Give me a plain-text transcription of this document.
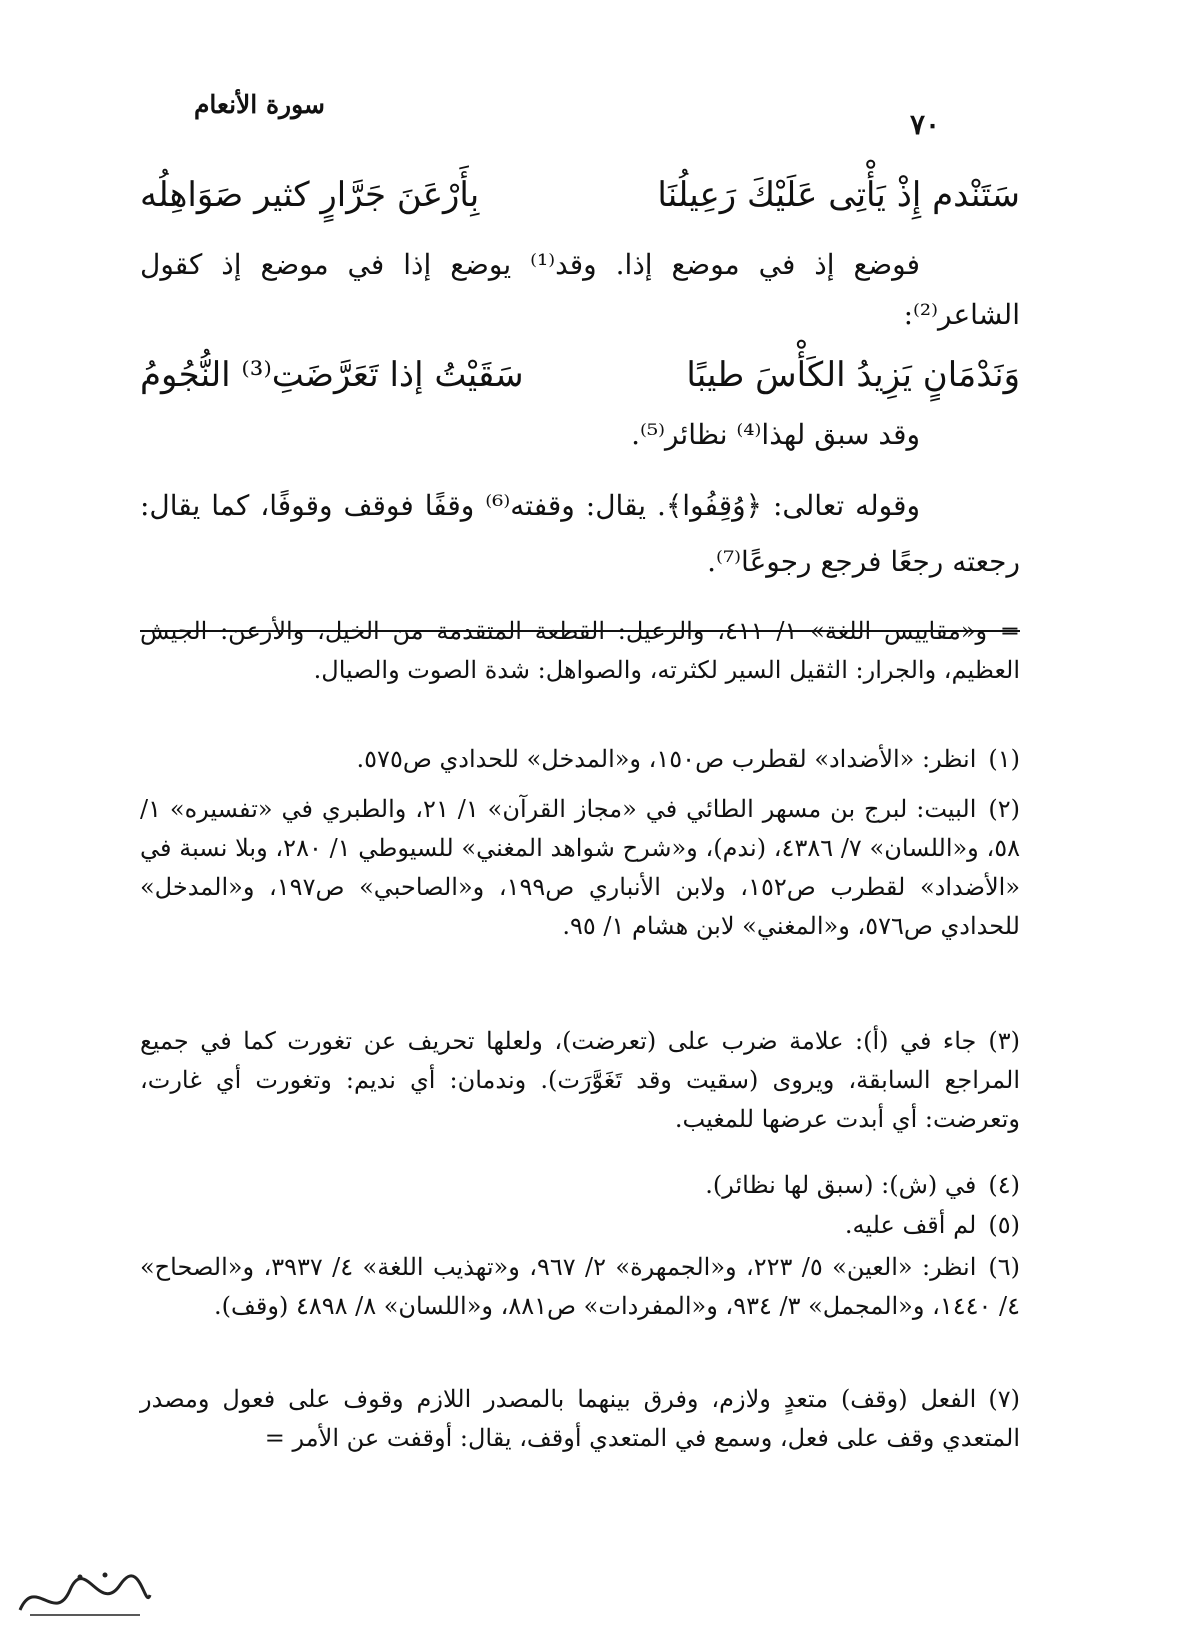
سورة الأنعام
٧٠
سَتَنْدم إِذْ يَأْتِى عَلَيْكَ رَعِيلُنَا
بِأَرْعَنَ جَرَّارٍ كثير صَوَاهِلُه
فوضع إذ في موضع إذا. وقد⁽¹⁾ يوضع إذا في موضع إذ كقول الشاعر⁽²⁾:
وَنَدْمَانٍ يَزِيدُ الكَأْسَ طيبًا
سَقَيْتُ إذا تَعَرَّضَتِ⁽³⁾ النُّجُومُ
وقد سبق لهذا⁽⁴⁾ نظائر⁽⁵⁾.
وقوله تعالى: ﴿وُقِفُوا﴾. يقال: وقفته⁽⁶⁾ وقفًا فوقف وقوفًا، كما يقال: رجعته رجعًا فرجع رجوعًا⁽⁷⁾.
= و«مقاييس اللغة» ١/ ٤١١، والرعيل: القطعة المتقدمة من الخيل، والأرعن: الجيش العظيم، والجرار: الثقيل السير لكثرته، والصواهل: شدة الصوت والصيال.
(١)انظر: «الأضداد» لقطرب ص١٥٠، و«المدخل» للحدادي ص٥٧٥.
(٢)البيت: لبرج بن مسهر الطائي في «مجاز القرآن» ١/ ٢١، والطبري في «تفسيره» ١/ ٥٨، و«اللسان» ٧/ ٤٣٨٦، (ندم)، و«شرح شواهد المغني» للسيوطي ١/ ٢٨٠، وبلا نسبة في «الأضداد» لقطرب ص١٥٢، ولابن الأنباري ص١٩٩، و«الصاحبي» ص١٩٧، و«المدخل» للحدادي ص٥٧٦، و«المغني» لابن هشام ١/ ٩٥.
(٣)جاء في (أ): علامة ضرب على (تعرضت)، ولعلها تحريف عن تغورت كما في جميع المراجع السابقة، ويروى (سقيت وقد تَغَوَّرَت). وندمان: أي نديم: وتغورت أي غارت، وتعرضت: أي أبدت عرضها للمغيب.
(٤)في (ش): (سبق لها نظائر).
(٥)لم أقف عليه.
(٦)انظر: «العين» ٥/ ٢٢٣، و«الجمهرة» ٢/ ٩٦٧، و«تهذيب اللغة» ٤/ ٣٩٣٧، و«الصحاح» ٤/ ١٤٤٠، و«المجمل» ٣/ ٩٣٤، و«المفردات» ص٨٨١، و«اللسان» ٨/ ٤٨٩٨ (وقف).
(٧)الفعل (وقف) متعدٍ ولازم، وفرق بينهما بالمصدر اللازم وقوف على فعول ومصدر المتعدي وقف على فعل، وسمع في المتعدي أوقف، يقال: أوقفت عن الأمر =
